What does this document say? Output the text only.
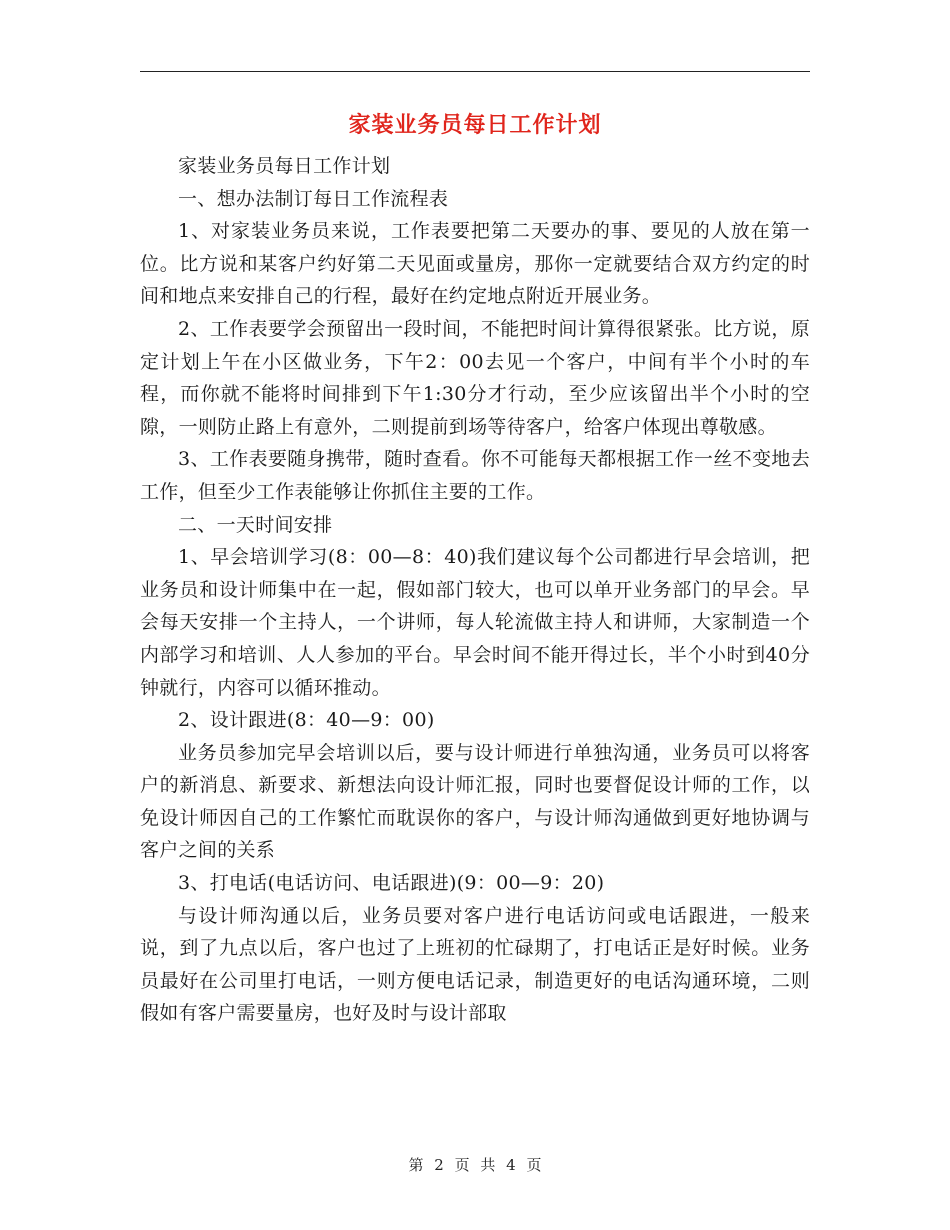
家装业务员每日工作计划

家装业务员每日工作计划

一、想办法制订每日工作流程表

1、对家装业务员来说，工作表要把第二天要办的事、要见的人放在第一位。比方说和某客户约好第二天见面或量房，那你一定就要结合双方约定的时间和地点来安排自己的行程，最好在约定地点附近开展业务。

2、工作表要学会预留出一段时间，不能把时间计算得很紧张。比方说，原定计划上午在小区做业务，下午2：00去见一个客户，中间有半个小时的车程，而你就不能将时间排到下午1:30分才行动，至少应该留出半个小时的空隙，一则防止路上有意外，二则提前到场等待客户，给客户体现出尊敬感。

3、工作表要随身携带，随时查看。你不可能每天都根据工作一丝不变地去工作，但至少工作表能够让你抓住主要的工作。

二、一天时间安排

1、早会培训学习(8：00—8：40)我们建议每个公司都进行早会培训，把业务员和设计师集中在一起，假如部门较大，也可以单开业务部门的早会。早会每天安排一个主持人，一个讲师，每人轮流做主持人和讲师，大家制造一个内部学习和培训、人人参加的平台。早会时间不能开得过长，半个小时到40分钟就行，内容可以循环推动。

2、设计跟进(8：40—9：00)

业务员参加完早会培训以后，要与设计师进行单独沟通，业务员可以将客户的新消息、新要求、新想法向设计师汇报，同时也要督促设计师的工作，以免设计师因自己的工作繁忙而耽误你的客户，与设计师沟通做到更好地协调与客户之间的关系

3、打电话(电话访问、电话跟进)(9：00—9：20)

与设计师沟通以后，业务员要对客户进行电话访问或电话跟进，一般来说，到了九点以后，客户也过了上班初的忙碌期了，打电话正是好时候。业务员最好在公司里打电话，一则方便电话记录，制造更好的电话沟通环境，二则假如有客户需要量房，也好及时与设计部取

第 2 页 共 4 页
